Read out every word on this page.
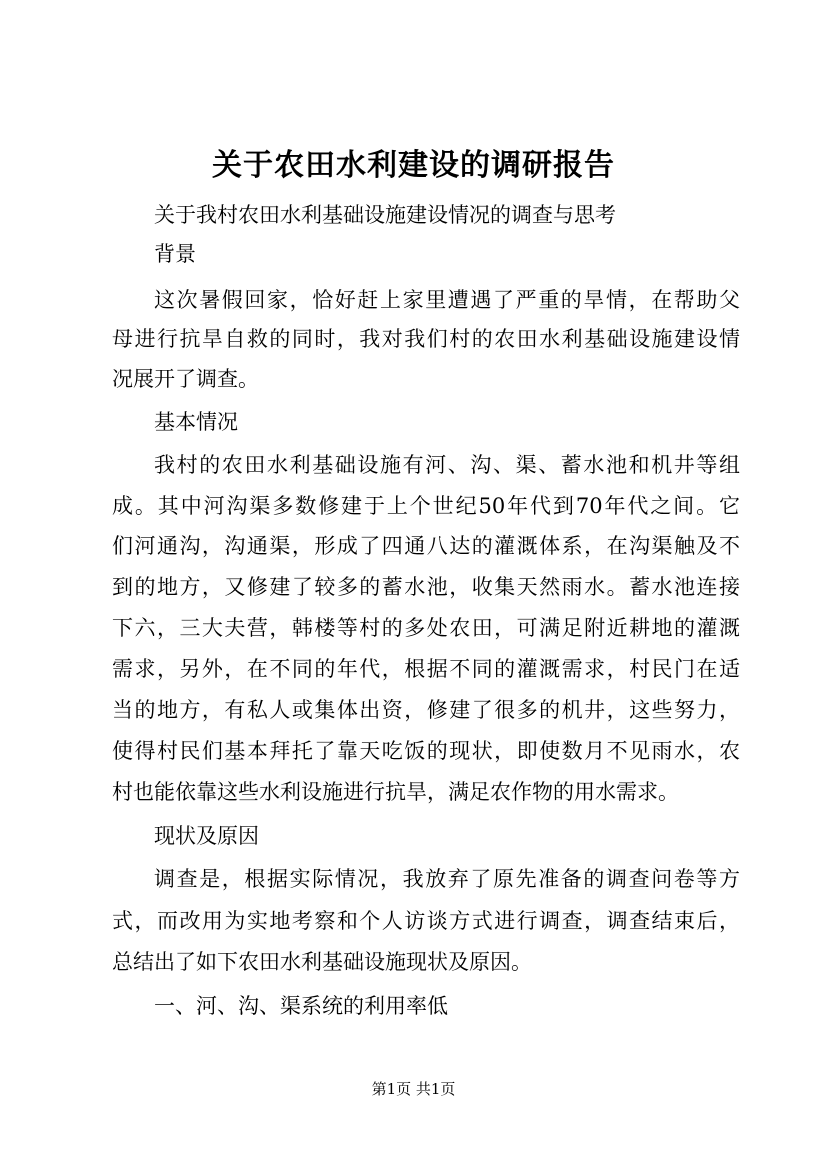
关于农田水利建设的调研报告
关于我村农田水利基础设施建设情况的调查与思考
背景
这次暑假回家，恰好赶上家里遭遇了严重的旱情，在帮助父
母进行抗旱自救的同时，我对我们村的农田水利基础设施建设情
况展开了调查。
基本情况
我村的农田水利基础设施有河、沟、渠、蓄水池和机井等组
成。其中河沟渠多数修建于上个世纪50年代到70年代之间。它
们河通沟，沟通渠，形成了四通八达的灌溉体系，在沟渠触及不
到的地方，又修建了较多的蓄水池，收集天然雨水。蓄水池连接
下六，三大夫营，韩楼等村的多处农田，可满足附近耕地的灌溉
需求，另外，在不同的年代，根据不同的灌溉需求，村民门在适
当的地方，有私人或集体出资，修建了很多的机井，这些努力，
使得村民们基本拜托了靠天吃饭的现状，即使数月不见雨水，农
村也能依靠这些水利设施进行抗旱，满足农作物的用水需求。
现状及原因
调查是，根据实际情况，我放弃了原先准备的调查问卷等方
式，而改用为实地考察和个人访谈方式进行调查，调查结束后，
总结出了如下农田水利基础设施现状及原因。
一、河、沟、渠系统的利用率低
第1页 共1页
